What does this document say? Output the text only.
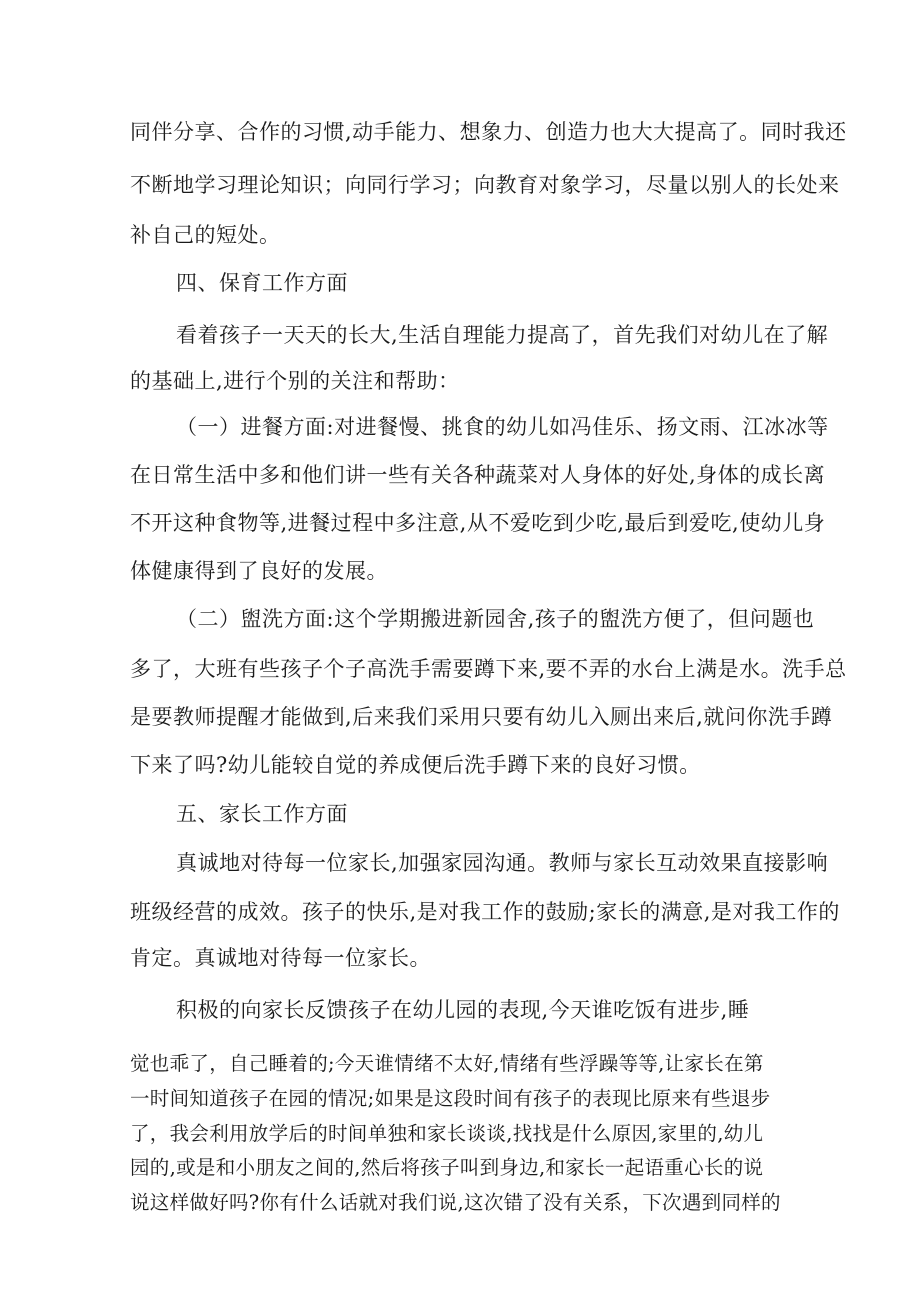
同伴分享、合作的习惯,动手能力、想象力、创造力也大大提高了。同时我还
不断地学习理论知识；向同行学习；向教育对象学习，尽量以别人的长处来
补自己的短处。
四、保育工作方面
看着孩子一天天的长大,生活自理能力提高了，首先我们对幼儿在了解
的基础上,进行个别的关注和帮助：
（一）进餐方面:对进餐慢、挑食的幼儿如冯佳乐、扬文雨、江冰冰等
在日常生活中多和他们讲一些有关各种蔬菜对人身体的好处,身体的成长离
不开这种食物等,进餐过程中多注意,从不爱吃到少吃,最后到爱吃,使幼儿身
体健康得到了良好的发展。
（二）盥洗方面:这个学期搬进新园舍,孩子的盥洗方便了，但问题也
多了，大班有些孩子个子高洗手需要蹲下来,要不弄的水台上满是水。洗手总
是要教师提醒才能做到,后来我们采用只要有幼儿入厕出来后,就问你洗手蹲
下来了吗?幼儿能较自觉的养成便后洗手蹲下来的良好习惯。
五、家长工作方面
真诚地对待每一位家长,加强家园沟通。教师与家长互动效果直接影响
班级经营的成效。孩子的快乐,是对我工作的鼓励;家长的满意,是对我工作的
肯定。真诚地对待每一位家长。
积极的向家长反馈孩子在幼儿园的表现,今天谁吃饭有进步,睡
觉也乖了，自己睡着的;今天谁情绪不太好,情绪有些浮躁等等,让家长在第
一时间知道孩子在园的情况;如果是这段时间有孩子的表现比原来有些退步
了，我会利用放学后的时间单独和家长谈谈,找找是什么原因,家里的,幼儿
园的,或是和小朋友之间的,然后将孩子叫到身边,和家长一起语重心长的说
说这样做好吗?你有什么话就对我们说,这次错了没有关系，下次遇到同样的
